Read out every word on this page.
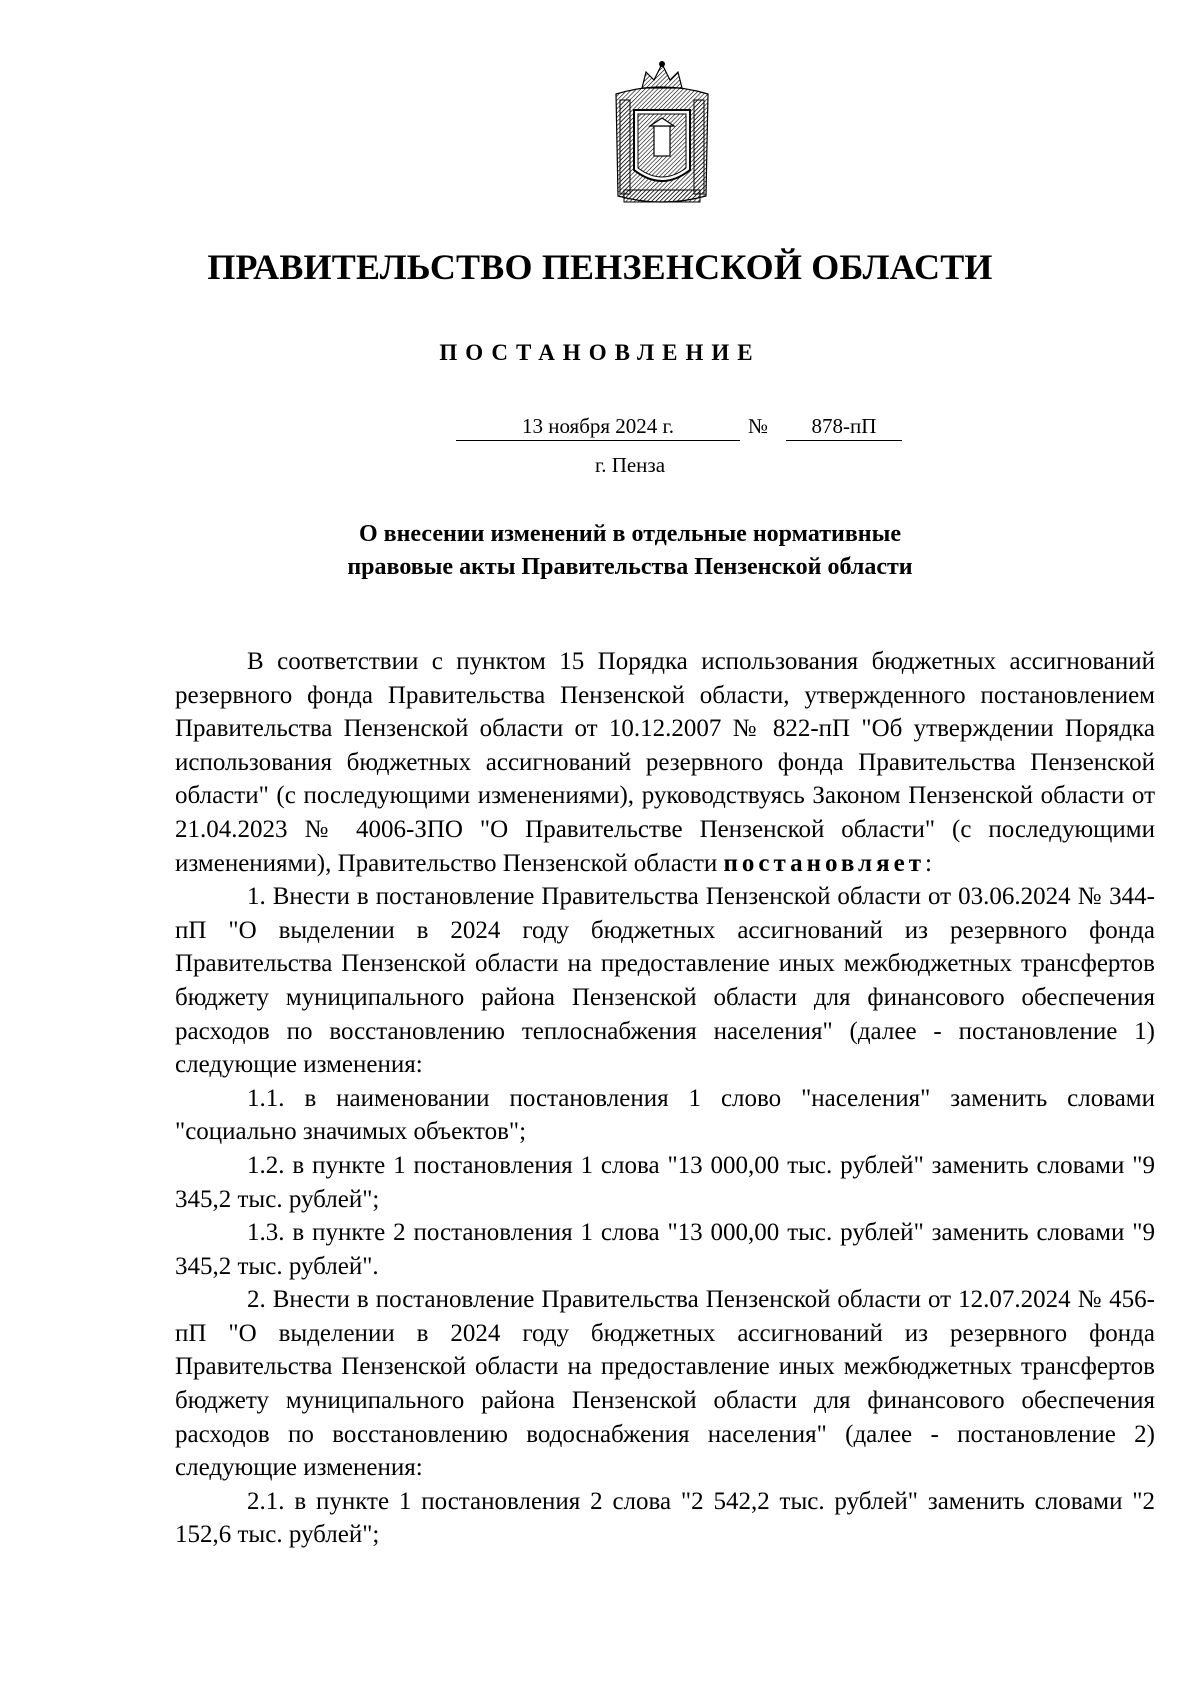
ПРАВИТЕЛЬСТВО ПЕНЗЕНСКОЙ ОБЛАСТИ
ПОСТАНОВЛЕНИЕ
13 ноября 2024 г.	№	878-пП
г. Пенза
О внесении изменений в отдельные нормативные
правовые акты Правительства Пензенской области

В соответствии с пунктом 15 Порядка использования бюджетных ассигнований резервного фонда Правительства Пензенской области, утвержденного постановлением Правительства Пензенской области от 10.12.2007 № 822-пП "Об утверждении Порядка использования бюджетных ассигнований резервного фонда Правительства Пензенской области" (с последующими изменениями), руководствуясь Законом Пензенской области от 21.04.2023 № 4006-ЗПО "О Правительстве Пензенской области" (с последующими изменениями), Правительство Пензенской области постановляет:

1. Внести в постановление Правительства Пензенской области от 03.06.2024 № 344-пП "О выделении в 2024 году бюджетных ассигнований из резервного фонда Правительства Пензенской области на предоставление иных межбюджетных трансфертов бюджету муниципального района Пензенской области для финансового обеспечения расходов по восстановлению теплоснабжения населения" (далее - постановление 1) следующие изменения:

1.1. в наименовании постановления 1 слово "населения" заменить словами "социально значимых объектов";

1.2. в пункте 1 постановления 1 слова "13 000,00 тыс. рублей" заменить словами "9 345,2 тыс. рублей";

1.3. в пункте 2 постановления 1 слова "13 000,00 тыс. рублей" заменить словами "9 345,2 тыс. рублей".

2. Внести в постановление Правительства Пензенской области от 12.07.2024 № 456-пП "О выделении в 2024 году бюджетных ассигнований из резервного фонда Правительства Пензенской области на предоставление иных межбюджетных трансфертов бюджету муниципального района Пензенской области для финансового обеспечения расходов по восстановлению водоснабжения населения" (далее - постановление 2) следующие изменения:

2.1. в пункте 1 постановления 2 слова "2 542,2 тыс. рублей" заменить словами "2 152,6 тыс. рублей";
